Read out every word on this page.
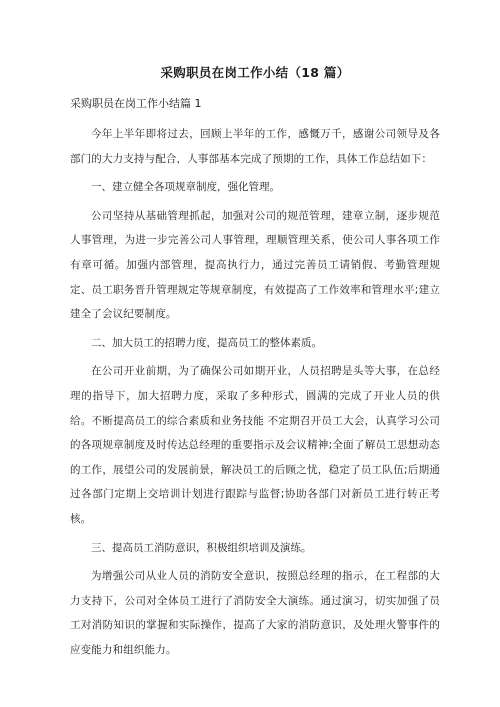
采购职员在岗工作小结（18 篇）
采购职员在岗工作小结篇 1

今年上半年即将过去，回顾上半年的工作，感慨万千，感谢公司领导及各部门的大力支持与配合，人事部基本完成了预期的工作，具体工作总结如下：

一、建立健全各项规章制度，强化管理。

公司坚持从基础管理抓起，加强对公司的规范管理，建章立制，逐步规范人事管理，为进一步完善公司人事管理，理顺管理关系，使公司人事各项工作有章可循。加强内部管理，提高执行力，通过完善员工请销假、考勤管理规定、员工职务晋升管理规定等规章制度，有效提高了工作效率和管理水平;建立建全了会议纪要制度。

二、加大员工的招聘力度，提高员工的整体素质。

在公司开业前期，为了确保公司如期开业，人员招聘是头等大事，在总经理的指导下，加大招聘力度，采取了多种形式，圆满的完成了开业人员的供给。不断提高员工的综合素质和业务技能 不定期召开员工大会，认真学习公司的各项规章制度及时传达总经理的重要指示及会议精神;全面了解员工思想动态的工作，展望公司的发展前景，解决员工的后顾之忧，稳定了员工队伍;后期通过各部门定期上交培训计划进行跟踪与监督;协助各部门对新员工进行转正考核。

三、提高员工消防意识，积极组织培训及演练。

为增强公司从业人员的消防安全意识，按照总经理的指示，在工程部的大力支持下，公司对全体员工进行了消防安全大演练。通过演习，切实加强了员工对消防知识的掌握和实际操作，提高了大家的消防意识，及处理火警事件的应变能力和组织能力。
